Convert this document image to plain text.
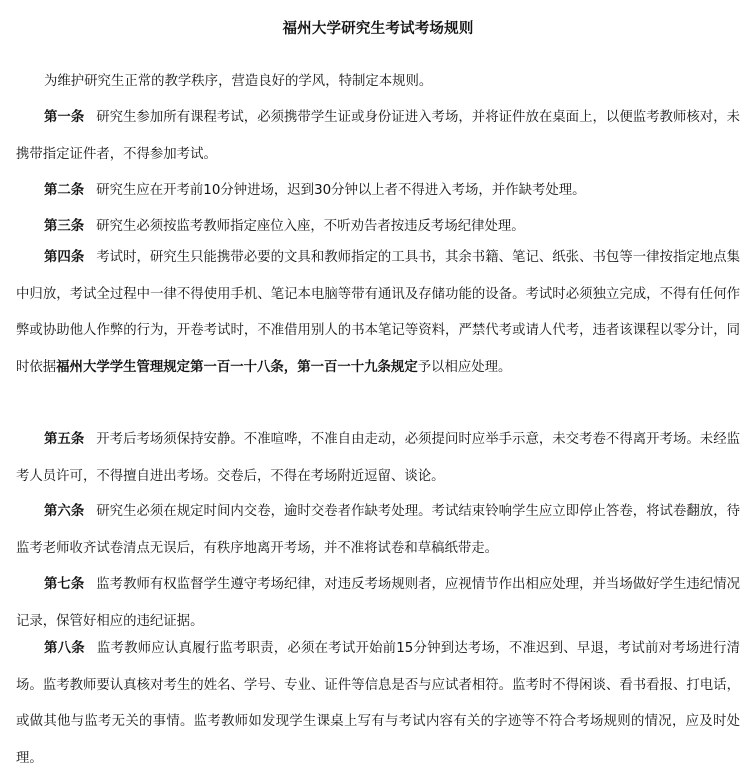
福州大学研究生考试考场规则

为维护研究生正常的教学秩序，营造良好的学风，特制定本规则。

第一条 研究生参加所有课程考试，必须携带学生证或身份证进入考场，并将证件放在桌面上，以便监考教师核对，未携带指定证件者，不得参加考试。

第二条 研究生应在开考前10分钟进场，迟到30分钟以上者不得进入考场，并作缺考处理。

第三条 研究生必须按监考教师指定座位入座，不听劝告者按违反考场纪律处理。

第四条 考试时，研究生只能携带必要的文具和教师指定的工具书，其余书籍、笔记、纸张、书包等一律按指定地点集中归放，考试全过程中一律不得使用手机、笔记本电脑等带有通讯及存储功能的设备。考试时必须独立完成，不得有任何作弊或协助他人作弊的行为，开卷考试时，不准借用别人的书本笔记等资料，严禁代考或请人代考，违者该课程以零分计，同时依据福州大学学生管理规定第一百一十八条，第一百一十九条规定予以相应处理。

第五条 开考后考场须保持安静。不准喧哗，不准自由走动，必须提问时应举手示意，未交考卷不得离开考场。未经监考人员许可，不得擅自进出考场。交卷后，不得在考场附近逗留、谈论。

第六条 研究生必须在规定时间内交卷，逾时交卷者作缺考处理。考试结束铃响学生应立即停止答卷，将试卷翻放，待监考老师收齐试卷清点无误后，有秩序地离开考场，并不准将试卷和草稿纸带走。

第七条 监考教师有权监督学生遵守考场纪律，对违反考场规则者，应视情节作出相应处理，并当场做好学生违纪情况记录，保管好相应的违纪证据。

第八条 监考教师应认真履行监考职责，必须在考试开始前15分钟到达考场，不准迟到、早退，考试前对考场进行清场。监考教师要认真核对考生的姓名、学号、专业、证件等信息是否与应试者相符。监考时不得闲谈、看书看报、打电话，或做其他与监考无关的事情。监考教师如发现学生课桌上写有与考试内容有关的字迹等不符合考场规则的情况，应及时处理。
